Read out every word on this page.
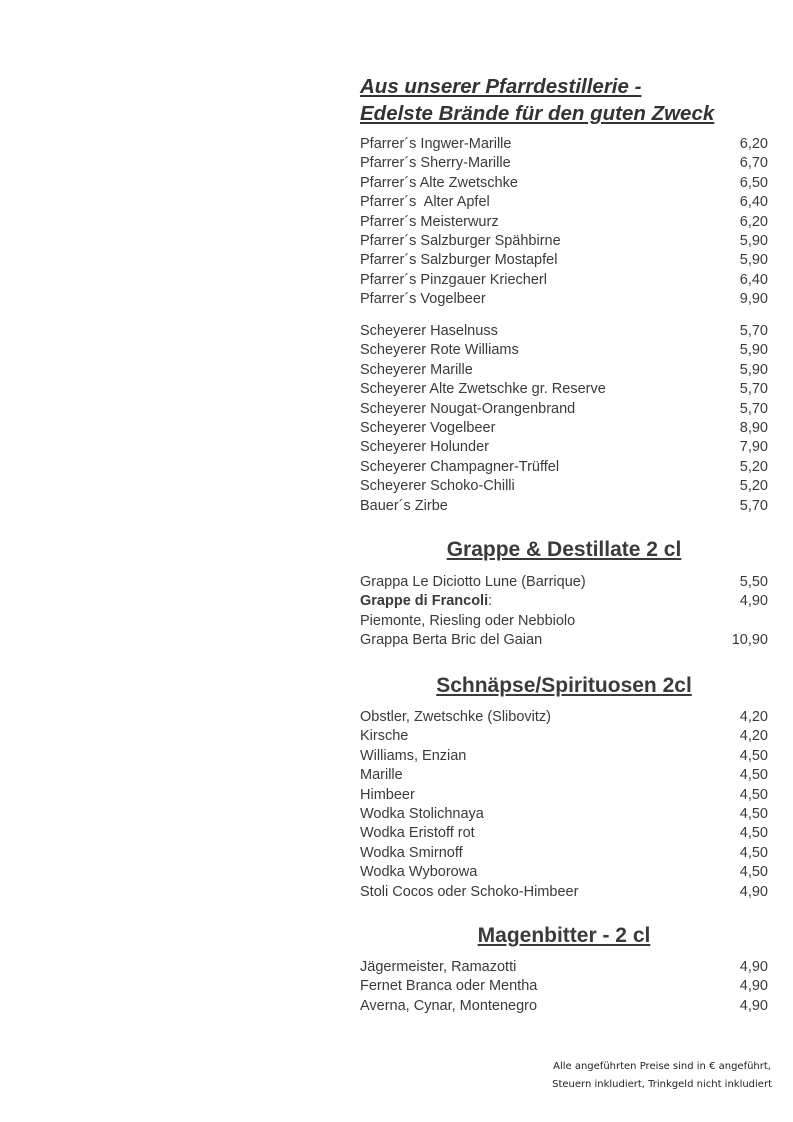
Aus unserer Pfarrdestillerie -
Edelste Brände für den guten Zweck
Pfarrer´s Ingwer-Marille	6,20
Pfarrer´s Sherry-Marille	6,70
Pfarrer´s Alte Zwetschke	6,50
Pfarrer´s  Alter Apfel	6,40
Pfarrer´s Meisterwurz	6,20
Pfarrer´s Salzburger Spähbirne	5,90
Pfarrer´s Salzburger Mostapfel	5,90
Pfarrer´s Pinzgauer Kriecherl	6,40
Pfarrer´s Vogelbeer	9,90
Scheyerer Haselnuss	5,70
Scheyerer Rote Williams	5,90
Scheyerer Marille	5,90
Scheyerer Alte Zwetschke gr. Reserve	5,70
Scheyerer Nougat-Orangenbrand	5,70
Scheyerer Vogelbeer	8,90
Scheyerer Holunder	7,90
Scheyerer Champagner-Trüffel	5,20
Scheyerer Schoko-Chilli	5,20
Bauer´s Zirbe	5,70
Grappe & Destillate 2 cl
Grappa Le Diciotto Lune (Barrique)	5,50
Grappe di Francoli:	4,90
Piemonte, Riesling oder Nebbiolo
Grappa Berta Bric del Gaian	10,90
Schnäpse/Spirituosen 2cl
Obstler, Zwetschke (Slibovitz)	4,20
Kirsche	4,20
Williams, Enzian	4,50
Marille	4,50
Himbeer	4,50
Wodka Stolichnaya	4,50
Wodka Eristoff rot	4,50
Wodka Smirnoff	4,50
Wodka Wyborowa	4,50
Stoli Cocos oder Schoko-Himbeer	4,90
Magenbitter - 2 cl
Jägermeister, Ramazotti	4,90
Fernet Branca oder Mentha	4,90
Averna, Cynar, Montenegro	4,90
Alle angeführten Preise sind in € angeführt,
Steuern inkludiert, Trinkgeld nicht inkludiert
